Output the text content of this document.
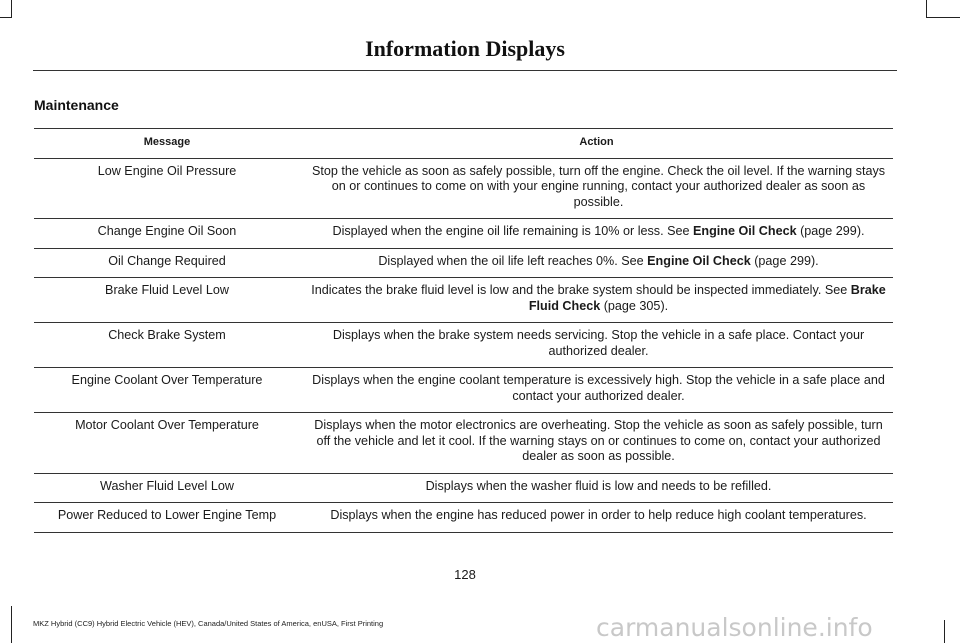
Information Displays
Maintenance
Message	Action
Low Engine Oil Pressure	Stop the vehicle as soon as safely possible, turn off the engine. Check the oil level. If the warning stays on or continues to come on with your engine running, contact your authorized dealer as soon as possible.
Change Engine Oil Soon	Displayed when the engine oil life remaining is 10% or less. See Engine Oil Check (page 299).
Oil Change Required	Displayed when the oil life left reaches 0%. See Engine Oil Check (page 299).
Brake Fluid Level Low	Indicates the brake fluid level is low and the brake system should be inspected immediately. See Brake Fluid Check (page 305).
Check Brake System	Displays when the brake system needs servicing. Stop the vehicle in a safe place. Contact your authorized dealer.
Engine Coolant Over Temperature	Displays when the engine coolant temperature is excessively high. Stop the vehicle in a safe place and contact your authorized dealer.
Motor Coolant Over Temperature	Displays when the motor electronics are overheating. Stop the vehicle as soon as safely possible, turn off the vehicle and let it cool. If the warning stays on or continues to come on, contact your authorized dealer as soon as possible.
Washer Fluid Level Low	Displays when the washer fluid is low and needs to be refilled.
Power Reduced to Lower Engine Temp	Displays when the engine has reduced power in order to help reduce high coolant temperatures.
128
MKZ Hybrid (CC9) Hybrid Electric Vehicle (HEV), Canada/United States of America, enUSA, First Printing	carmanualsonline.info
